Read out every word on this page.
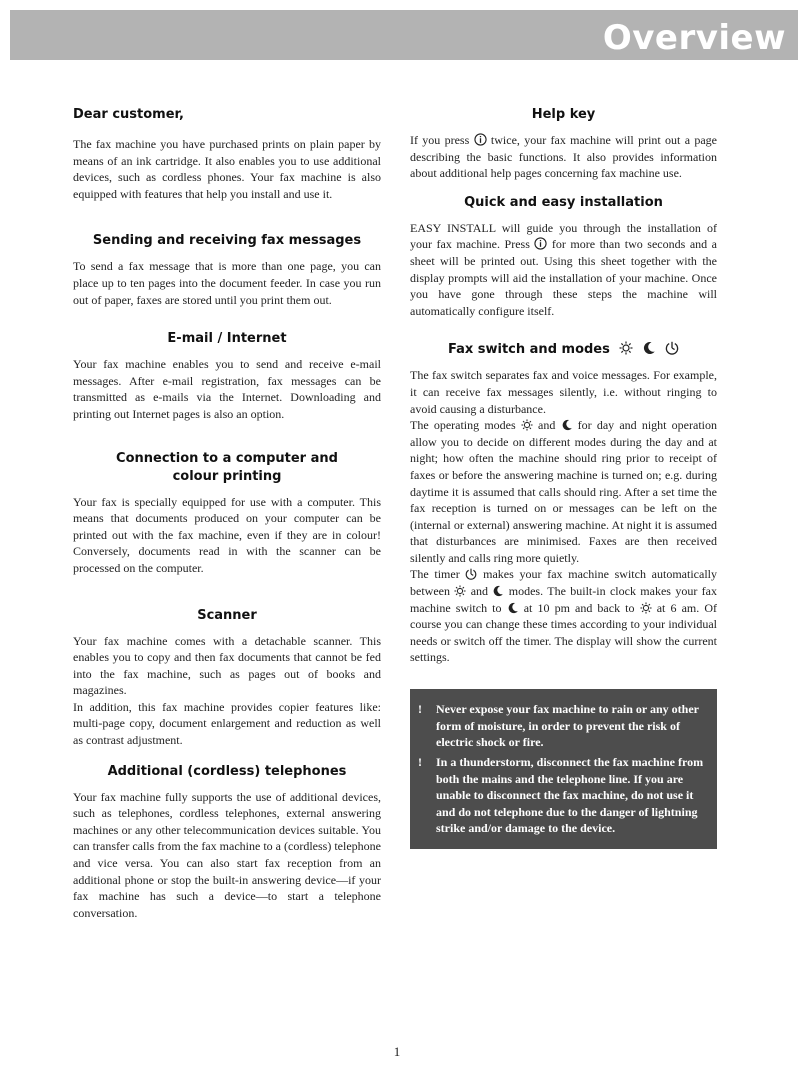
Overview
Dear customer,

The fax machine you have purchased prints on plain paper by means of an ink cartridge. It also enables you to use additional devices, such as cordless phones. Your fax machine is also equipped with features that help you install and use it.

Sending and receiving fax messages

To send a fax message that is more than one page, you can place up to ten pages into the document feeder. In case you run out of paper, faxes are stored until you print them out.

E-mail / Internet

Your fax machine enables you to send and receive e-mail messages. After e-mail registration, fax messages can be transmitted as e-mails via the Internet. Downloading and printing out Internet pages is also an option.

Connection to a computer and
colour printing

Your fax is specially equipped for use with a computer. This means that documents produced on your computer can be printed out with the fax machine, even if they are in colour! Conversely, documents read in with the scanner can be processed on the computer.

Scanner

Your fax machine comes with a detachable scanner. This enables you to copy and then fax documents that cannot be fed into the fax machine, such as pages out of books and magazines.

In addition, this fax machine provides copier features like: multi-page copy, document enlargement and reduction as well as contrast adjustment.

Additional (cordless) telephones

Your fax machine fully supports the use of additional devices, such as telephones, cordless telephones, external answering machines or any other telecommunication devices suitable. You can transfer calls from the fax machine to a (cordless) telephone and vice versa. You can also start fax reception from an additional phone or stop the built-in answering device—if your fax machine has such a device—to start a telephone conversation.

Help key

If you press  twice, your fax machine will print out a page describing the basic functions. It also provides information about additional help pages concerning fax machine use.

Quick and easy installation

EASY INSTALL will guide you through the installation of your fax machine. Press  for more than two seconds and a sheet will be printed out. Using this sheet together with the display prompts will aid the installation of your machine. Once you have gone through these steps the machine will automatically configure itself.

Fax switch and modes

The fax switch separates fax and voice messages. For example, it can receive fax messages silently, i.e. without ringing to avoid causing a disturbance.

The operating modes  and  for day and night operation allow you to decide on different modes during the day and at night; how often the machine should ring prior to receipt of faxes or before the answering machine is turned on; e.g. during daytime it is assumed that calls should ring. After a set time the fax reception is turned on or messages can be left on the (internal or external) answering machine. At night it is assumed that disturbances are minimised. Faxes are then received silently and calls ring more quietly.

The timer  makes your fax machine switch automatically between  and  modes. The built-in clock makes your fax machine switch to  at 10 pm and back to  at 6 am. Of course you can change these times according to your individual needs or switch off the timer. The display will show the current settings.

! Never expose your fax machine to rain or any other form of moisture, in order to prevent the risk of electric shock or fire.
! In a thunderstorm, disconnect the fax machine from both the mains and the telephone line. If you are unable to disconnect the fax machine, do not use it and do not telephone due to the danger of lightning strike and/or damage to the device.
1
